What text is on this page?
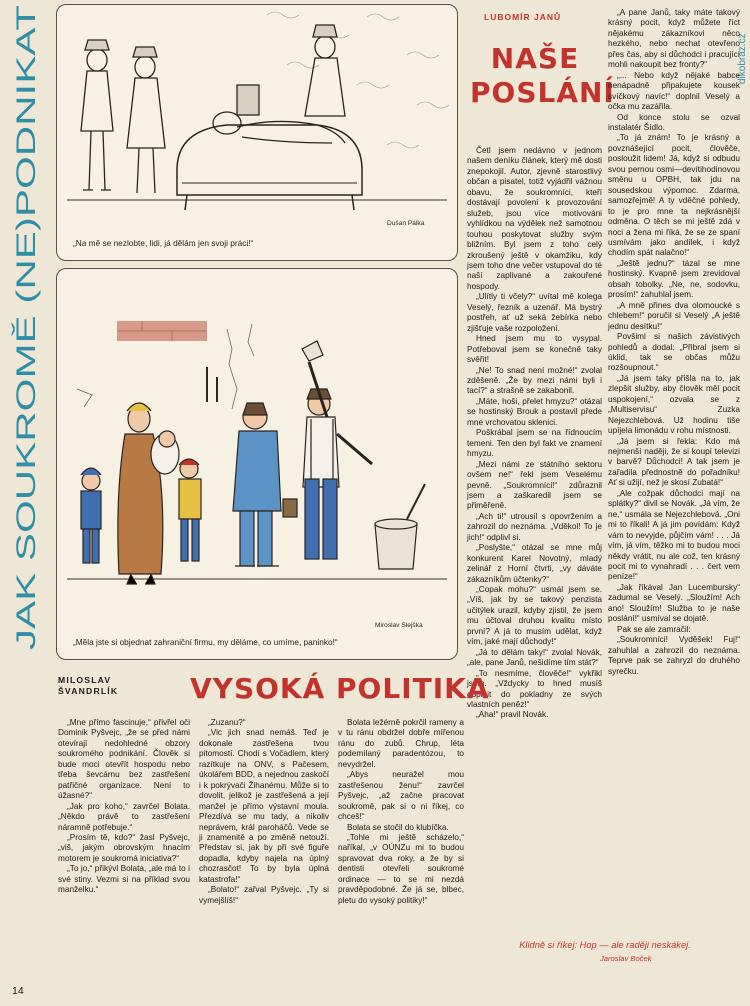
JAK SOUKROMĚ (NE)PODNIKAT
dikobraz.cz
„Na mě se nezlobte, lidi, já dělám jen svoji práci!“
Dušan Pálka
„Měla jste si objednat zahraniční firmu, my děláme, co umíme, paninko!“
Miroslav Slejška
LUBOMÍR JANŮ
NAŠE
POSLÁNÍ

Četl jsem nedávno v jednom našem deníku článek, který mě dosti znepokojil. Autor, zjevně starostlivý občan a pisatel, totiž vyjádřil vážnou obavu, že soukromníci, kteří dostávají povolení k provozování služeb, jsou více motivováni vyhlídkou na výdělek než samotnou touhou poskytovat služby svým bližním. Byl jsem z toho celý zkroušený ještě v okamžiku, kdy jsem toho dne večer vstupoval do té naší zaplivané a zakouřené hospody.

„Ulítly ti včely?“ uvítal mě kolega Veselý, řezník a uzenář. Má bystrý postřeh, ať už seká žebírka nebo zjišťuje vaše rozpoložení.

Hned jsem mu to vysypal. Potřeboval jsem se konečně taky svěřit!

„Ne! To snad není možné!“ zvolal zděšeně. „Že by mezi námi byli i tací?“ a strašně se zakabonil.

„Máte, hoši, přelet hmyzu?“ otázal se hostinský Brouk a postavil přede mne vrchovatou sklenici.

Poškrábal jsem se na řídnoucím temeni. Ten den byl fakt ve znamení hmyzu.

„Mezi námi ze státního sektoru ovšem ne!“ řekl jsem Veselému pevně. „Soukromníci!“ zdůraznil jsem a zaškaredil jsem se přiměřeně.

„Ach ti!“ utrousil s opovržením a zahrozil do neznáma. „Vděkol! To je jich!“ odplivl si.

„Poslyšte,“ otázal se mne můj konkurent Karel Novotný, mladý zelinář z Horní čtvrti, „vy dáváte zákazníkům účtenky?“

„Copak mohu?“ usmál jsem se. „Víš, jak by se takový penzista učitýlek urazil, kdyby zjistil, že jsem mu účtoval druhou kvalitu místo první? A já to musím udělat, když vím, jaké mají důchody!“

„Já to dělám taky!“ zvolal Novák, „ale, pane Janů, nešidíme tím stát?“

„To nesmíme, člověče!“ vykřikl jsem. „Vždycky to hned musíš doplnit do pokladny ze svých vlastních peněz!“

„Aha!“ pravil Novák.

„A pane Janů, taky máte takový krásný pocit, když můžete říct nějakému zákazníkovi něco hezkého, nebo nechat otevřeno přes čas, aby si důchodci i pracující mohli nakoupit bez fronty?“

„... Nebo když nějaké babce nenápadně připakujete kousek svíčkový navíc!“ doplnil Veselý a očka mu zazářila.

Od konce stolu se ozval instalatér Šídlo.

„To já znám! To je krásný a povznášející pocit, člověče, posloužit lidem! Já, když si odbudu svou pernou osmi—devítihodinovou směnu u OPBH, tak jdu na sousedskou výpomoc. Zdarma, samozřejmě! A ty vděčné pohledy, to je pro mne ta nejkrásnější odměna. O těch se mi ještě zdá v noci a žena mi říká, že se ze spaní usmívám jako andílek, i když chodím spát nalačno!“

„Ještě jednu?“ tázal se mne hostinský. Kvapně jsem zrevidoval obsah tobolky. „Ne, ne, sodovku, prosím!“ zahuhlal jsem.

„A mně přines dva olomoucké s chlebem!“ poručil si Veselý „A ještě jednu desítku!“

Povšiml si našich závistivých pohledů a dodal: „Přibral jsem si úklid, tak se občas můžu rozšoupnout.“

„Já jsem taky přišla na to, jak zlepšit služby, aby člověk měl pocit uspokojení,“ ozvala se z „Multiservisu“ Zuzka Nejezchlebová. Už hodinu tiše upíjela limonádu v rohu místnosti.

„Já jsem si řekla: Kdo má nejmenší naději, že si koupí televizi v barvě? Důchodci! A tak jsem je zařadila přednostně do pořadníku! Ať si užijí, než je skosí Zubatá!“

„Ale cožpak důchodci mají na splátky?“ divil se Novák. „Já vím, že ne,“ usmála se Nejezchlebová. „Oni mi to říkali! A já jim povídám: Když vám to nevyjde, půjčím vám! . . . Já vím, já vím, těžko mi to budou moci někdy vrátit, nu ale což, ten krásný pocit mi to vynahradí . . . čert vem peníze!“

„Jak říkával Jan Lucembursky“ zadumal se Veselý. „Sloužím! Ach ano! Sloužím! Služba to je naše poslání!“ usmíval se dojatě.

Pak se ale zamračil:

„Soukromníci! Vyděšek! Fuj!“ zahuhlal a zahrozil do neznáma. Teprve pak se zahryzl do druhého syrečku.

Klidně si říkej: Hop — ale raději neskákej.
Jaroslav Boček
MILOSLAV
ŠVANDRLÍK	VYSOKÁ POLITIKA

„Mne přímo fascinuje,“ přivřel oči Dominik Pyšvejc, „že se před námi otevírají nedohledné obzory soukromého podnikání. Člověk si bude moci otevřít hospodu nebo třeba ševcárnu bez zastřešení patřičné organizace. Není to úžasné?“

„Jak pro koho,“ zavrčel Bolata. „Někdo právě to zastřešení náramně potřebuje.“

„Prosím tě, kdo?“ žasl Pyšvejc, „viš, jakým obrovským hnacím motorem je soukromá iniciativa?“

„To jo,“ přikývl Bolata, „ale má to i své stiny. Vezmi si na příklad svou manželku.“

„Zuzanu?“

„Vic jich snad nemáš. Teď je dokonale zastřešena tvou pitomostí. Chodí s Vočadlem, který razítkuje na ONV, s Pačesem, úkolářem BDD, a nejednou zaskočí i k pokrývači Žihanému. Může si to dovolit, jelikož je zastřešená a její manžel je přímo výstavní moula. Přezdívá se mu tady, a nikoliv neprávem, král paroháčů. Vede se ji znamenitě a po změně netouží. Představ si, jak by při své figuře dopadla, kdyby najela na úplný chozrasčot! To by byla úplná katastrofa!“

„Bolato!“ zařval Pyšvejc. „Ty si vymejšlíš!“

Bolata ležérně pokrčil rameny a v tu ránu obdržel dobře mířenou ránu do zubů. Chrup, léta podemílaný paradentózou, to nevydržel.

„Abys neuražel mou zastřešenou ženu!“ zavrčel Pyšvejc, „až začne pracovat soukromě, pak si o ni říkej, co chceš!“

Bolata se stočil do klubíčka.

„Tohle mi ještě scházelo,“ naříkal, „v OÚNZu mi to budou spravovat dva roky, a že by si dentisti otevřeli soukromé ordinace — to se mi nezdá pravděpodobné. Že já se, blbec, pletu do vysoký politiky!“

14
